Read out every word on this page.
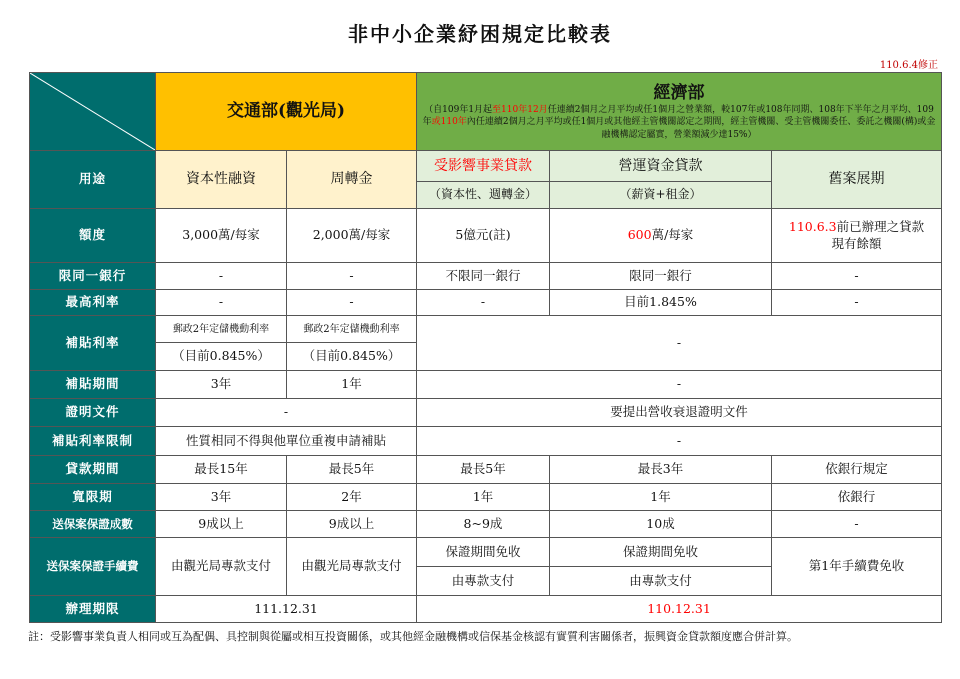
非中小企業紓困規定比較表
110.6.4修正
	交通部(觀光局)		經濟部
（自109年1月起至110年12月任連續2個月之月平均或任1個月之營業額，較107年或108年同期、108年下半年之月平均、109年或110年內任連續2個月之月平均或任1個月或其他經主管機關認定之期間，經主管機關、受主管機關委任、委託之機關(構)或金融機構認定屬實，營業額減少達15%）		

用途	資本性融資	周轉金	受影響事業貸款	營運資金貸款	舊案展期
			（資本性、週轉金）	（薪資+租金）	
額度	3,000萬/每家	2,000萬/每家	5億元(註)	600萬/每家	110.6.3前已辦理之貸款
現有餘額
限同一銀行	-	-	不限同一銀行	限同一銀行	-
最高利率	-	-	-	目前1.845%	-
補貼利率	郵政2年定儲機動利率	郵政2年定儲機動利率	-		
	（目前0.845%）	（目前0.845%）			
補貼期間	3年	1年	-		
證明文件	-		要提出營收衰退證明文件		
補貼利率限制	性質相同不得與他單位重複申請補貼		-		
貸款期間	最長15年	最長5年	最長5年	最長3年	依銀行規定
寬限期	3年	2年	1年	1年	依銀行
送保案保證成數	9成以上	9成以上	8~9成	10成	-
送保案保證手續費	由觀光局專款支付	由觀光局專款支付	保證期間免收	保證期間免收	第1年手續費免收
			由專款支付	由專款支付	
辦理期限	111.12.31		110.12.31		
註：受影響事業負責人相同或互為配偶、具控制與從屬或相互投資關係，或其他經金融機構或信保基金核認有實質利害關係者，振興資金貸款額度應合併計算。
